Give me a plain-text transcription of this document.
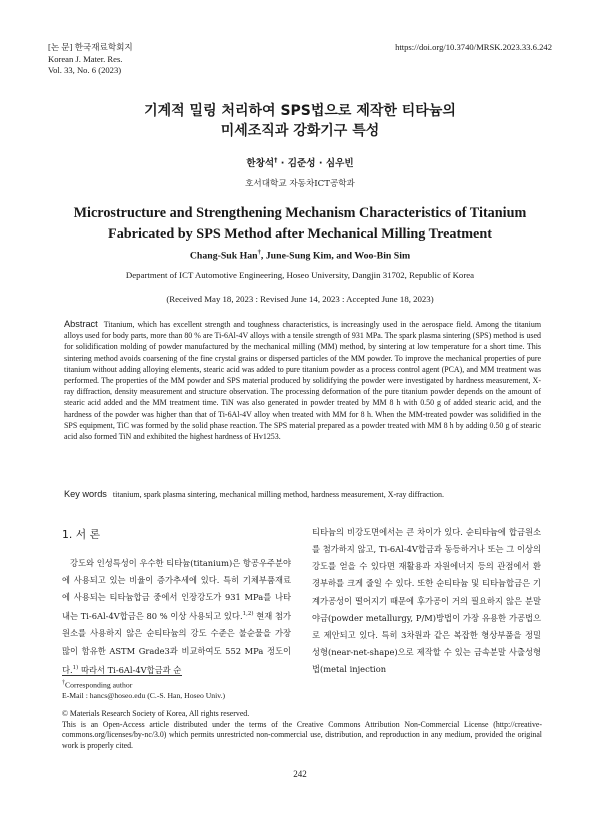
[논 문] 한국재료학회지
Korean J. Mater. Res.
Vol. 33, No. 6 (2023)
https://doi.org/10.3740/MRSK.2023.33.6.242
기계적 밀링 처리하여 SPS법으로 제작한 티타늄의
미세조직과 강화기구 특성
한창석† · 김준성 · 심우빈
호서대학교 자동차ICT공학과
Microstructure and Strengthening Mechanism Characteristics of Titanium
Fabricated by SPS Method after Mechanical Milling Treatment
Chang-Suk Han†, June-Sung Kim, and Woo-Bin Sim
Department of ICT Automotive Engineering, Hoseo University, Dangjin 31702, Republic of Korea
(Received May 18, 2023 : Revised June 14, 2023 : Accepted June 18, 2023)
Abstract Titanium, which has excellent strength and toughness characteristics, is increasingly used in the aerospace field. Among the titanium alloys used for body parts, more than 80 % are Ti-6Al-4V alloys with a tensile strength of 931 MPa. The spark plasma sintering (SPS) method is used for solidification molding of powder manufactured by the mechanical milling (MM) method, by sintering at low temperature for a short time. This sintering method avoids coarsening of the fine crystal grains or dispersed particles of the MM powder. To improve the mechanical properties of pure titanium without adding alloying elements, stearic acid was added to pure titanium powder as a process control agent (PCA), and MM treatment was performed. The properties of the MM powder and SPS material produced by solidifying the powder were investigated by hardness measurement, X-ray diffraction, density measurement and structure observation. The processing deformation of the pure titanium powder depends on the amount of stearic acid added and the MM treatment time. TiN was also generated in powder treated by MM 8 h with 0.50 g of added stearic acid, and the hardness of the powder was higher than that of Ti-6Al-4V alloy when treated with MM for 8 h. When the MM-treated powder was solidified in the SPS equipment, TiC was formed by the solid phase reaction. The SPS material prepared as a powder treated with MM 8 h by adding 0.50 g of stearic acid also formed TiN and exhibited the highest hardness of Hv1253.
Key words titanium, spark plasma sintering, mechanical milling method, hardness measurement, X-ray diffraction.
1. 서 론
강도와 인성특성이 우수한 티타늄(titanium)은 항공우주분야에 사용되고 있는 비율이 증가추세에 있다. 특히 기체부품재료에 사용되는 티타늄합금 중에서 인장강도가 931 MPa를 나타내는 Ti-6Al-4V합금은 80 % 이상 사용되고 있다.$^{1,2)}$ 현재 첨가원소를 사용하지 않은 순티타늄의 강도 수준은 불순물을 가장 많이 함유한 ASTM Grade3과 비교하여도 552 MPa 정도이다.$^{1)}$ 따라서 Ti-6Al-4V합금과 순
티타늄의 비강도면에서는 큰 차이가 있다. 순티타늄에 합금원소를 첨가하지 않고, Ti-6Al-4V합금과 동등하거나 또는 그 이상의 강도를 얻을 수 있다면 재활용과 자원에너지 등의 관점에서 환경부하를 크게 줄일 수 있다. 또한 순티타늄 및 티타늄합금은 기계가공성이 떨어지기 때문에 후가공이 거의 필요하지 않은 분말야금(powder metallurgy, P/M)방법이 가장 유용한 가공법으로 제안되고 있다. 특히 3차원과 같은 복잡한 형상부품을 정밀성형(near-net-shape)으로 제작할 수 있는 금속분말 사출성형법(metal injection
†Corresponding author
E-Mail : hancs@hoseo.edu (C.-S. Han, Hoseo Univ.)
© Materials Research Society of Korea, All rights reserved.
This is an Open-Access article distributed under the terms of the Creative Commons Attribution Non-Commercial License (http://creative-commons.org/licenses/by-nc/3.0) which permits unrestricted non-commercial use, distribution, and reproduction in any medium, provided the original work is properly cited.
242
